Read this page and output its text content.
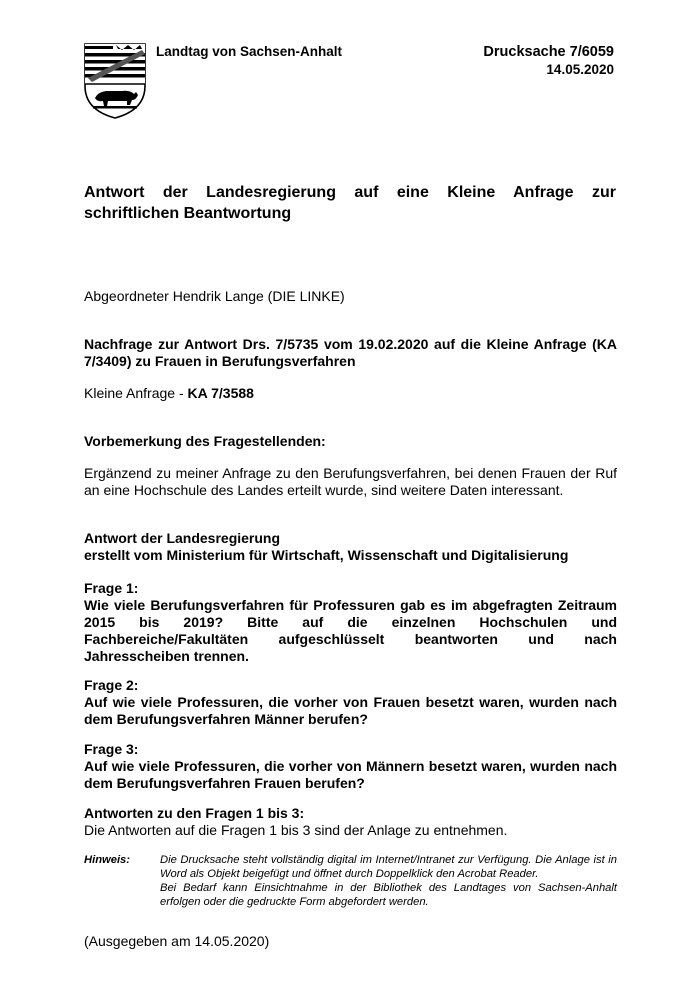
Landtag von Sachsen-Anhalt	Drucksache 7/6059
14.05.2020
Antwort der Landesregierung auf eine Kleine Anfrage zur schriftlichen Beantwortung
Abgeordneter Hendrik Lange (DIE LINKE)
Nachfrage zur Antwort Drs. 7/5735 vom 19.02.2020 auf die Kleine Anfrage (KA 7/3409) zu Frauen in Berufungsverfahren
Kleine Anfrage - KA 7/3588
Vorbemerkung des Fragestellenden:
Ergänzend zu meiner Anfrage zu den Berufungsverfahren, bei denen Frauen der Ruf an eine Hochschule des Landes erteilt wurde, sind weitere Daten interessant.
Antwort der Landesregierung
erstellt vom Ministerium für Wirtschaft, Wissenschaft und Digitalisierung
Frage 1:
Wie viele Berufungsverfahren für Professuren gab es im abgefragten Zeitraum 2015 bis 2019? Bitte auf die einzelnen Hochschulen und Fachbereiche/Fakultäten aufgeschlüsselt beantworten und nach Jahresscheiben trennen.
Frage 2:
Auf wie viele Professuren, die vorher von Frauen besetzt waren, wurden nach dem Berufungsverfahren Männer berufen?
Frage 3:
Auf wie viele Professuren, die vorher von Männern besetzt waren, wurden nach dem Berufungsverfahren Frauen berufen?
Antworten zu den Fragen 1 bis 3:
Die Antworten auf die Fragen 1 bis 3 sind der Anlage zu entnehmen.
Hinweis:	Die Drucksache steht vollständig digital im Internet/Intranet zur Verfügung. Die Anlage ist in Word als Objekt beigefügt und öffnet durch Doppelklick den Acrobat Reader.
Bei Bedarf kann Einsichtnahme in der Bibliothek des Landtages von Sachsen-Anhalt erfolgen oder die gedruckte Form abgefordert werden.
(Ausgegeben am 14.05.2020)
